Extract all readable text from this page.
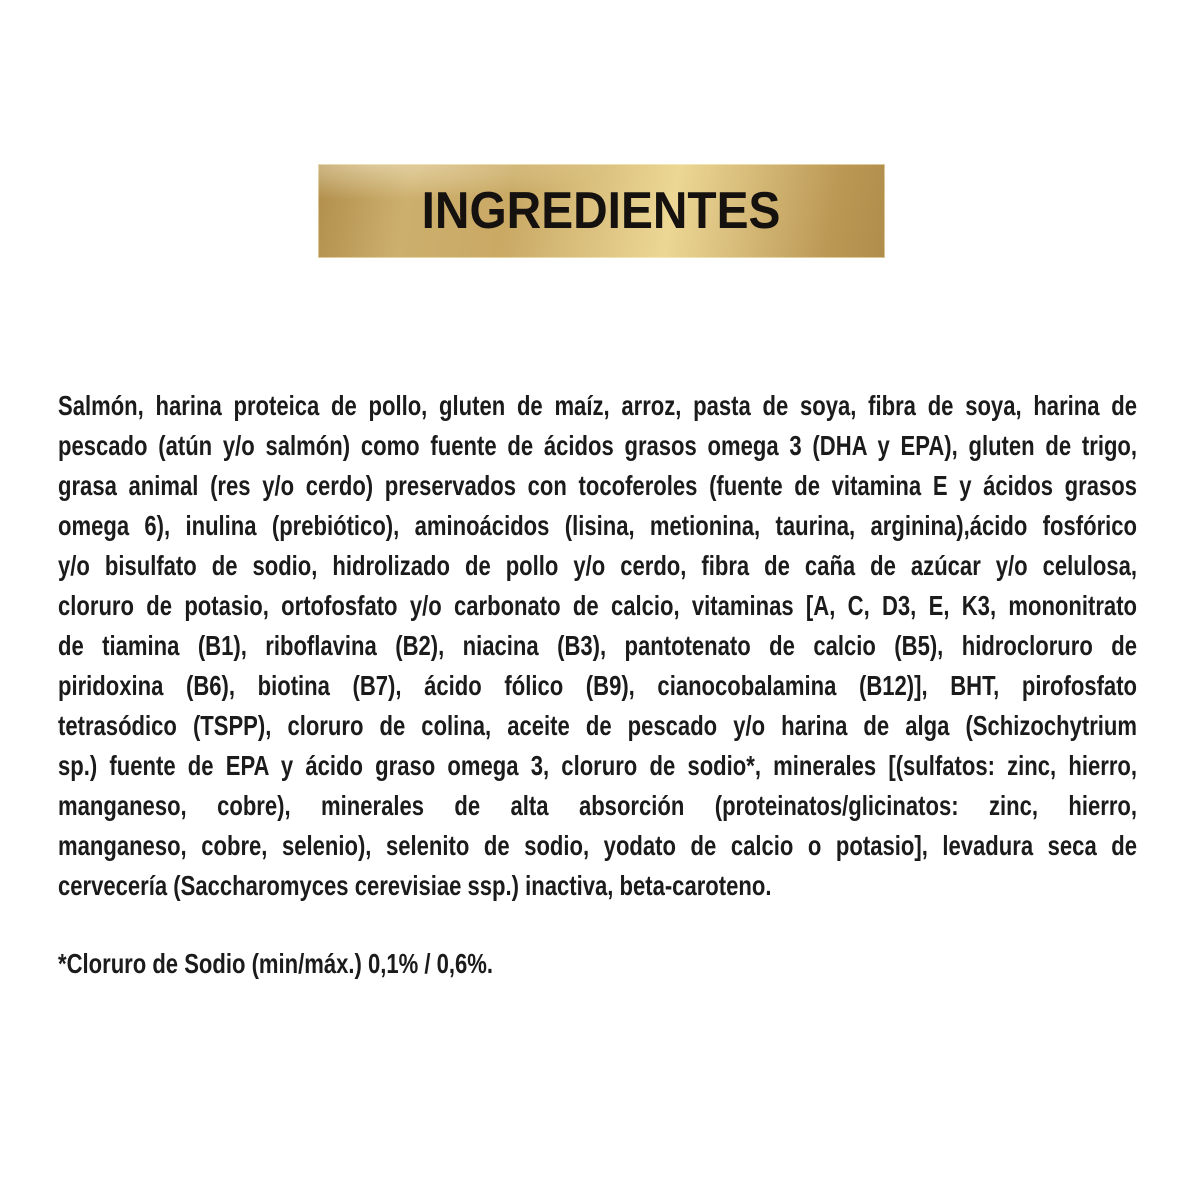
INGREDIENTES
Salmón, harina proteica de pollo, gluten de maíz, arroz, pasta de soya, fibra de soya, harina de
pescado (atún y/o salmón) como fuente de ácidos grasos omega 3 (DHA y EPA), gluten de trigo,
grasa animal (res y/o cerdo) preservados con tocoferoles (fuente de vitamina E y ácidos grasos
omega 6), inulina (prebiótico), aminoácidos (lisina, metionina, taurina, arginina),ácido fosfórico
y/o bisulfato de sodio, hidrolizado de pollo y/o cerdo, fibra de caña de azúcar y/o celulosa,
cloruro de potasio, ortofosfato y/o carbonato de calcio, vitaminas [A, C, D3, E, K3, mononitrato
de tiamina (B1), riboflavina (B2), niacina (B3), pantotenato de calcio (B5), hidrocloruro de
piridoxina (B6), biotina (B7), ácido fólico (B9), cianocobalamina (B12)], BHT, pirofosfato
tetrasódico (TSPP), cloruro de colina, aceite de pescado y/o harina de alga (Schizochytrium
sp.) fuente de EPA y ácido graso omega 3, cloruro de sodio*, minerales [(sulfatos: zinc, hierro,
manganeso, cobre), minerales de alta absorción (proteinatos/glicinatos: zinc, hierro,
manganeso, cobre, selenio), selenito de sodio, yodato de calcio o potasio], levadura seca de
cervecería (Saccharomyces cerevisiae ssp.) inactiva, beta-caroteno.
*Cloruro de Sodio (min/máx.) 0,1% / 0,6%.
